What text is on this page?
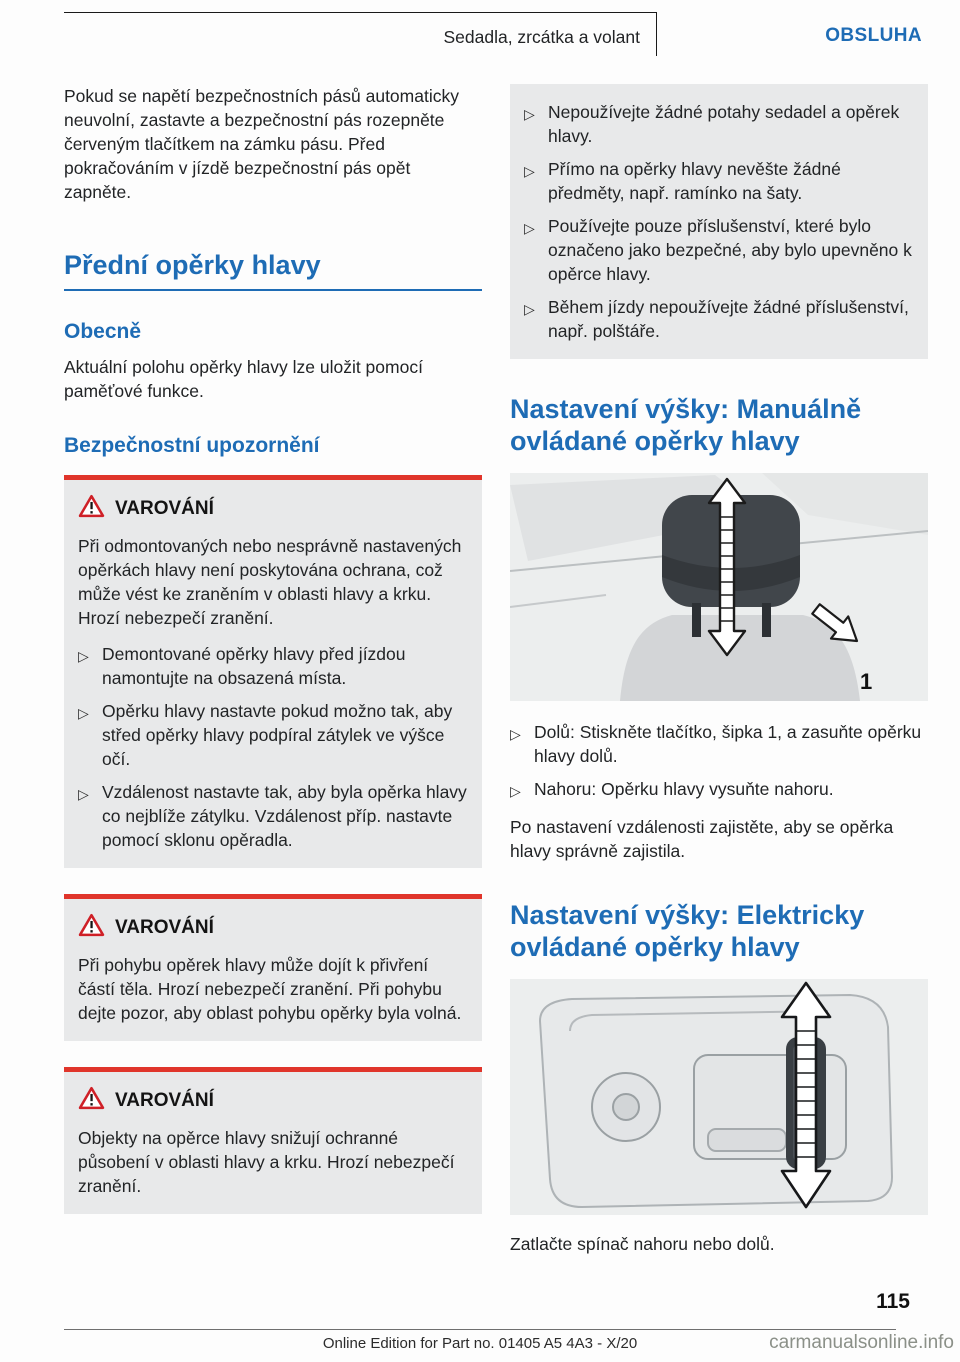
Sedadla, zrcátka a volant	OBSLUHA

Pokud se napětí bezpečnostních pásů automaticky neuvolní, zastavte a bezpečnostní pás rozepněte červeným tlačítkem na zámku pásu. Před pokračováním v jízdě bezpečnostní pás opět zapněte.

Přední opěrky hlavy
Obecně

Aktuální polohu opěrky hlavy lze uložit pomocí paměťové funkce.

Bezpečnostní upozornění
VAROVÁNÍ
Při odmontovaných nebo nesprávně nastavených opěrkách hlavy není poskytována ochrana, což může vést ke zraněním v oblasti hlavy a krku. Hrozí nebezpečí zranění.
▷ Demontované opěrky hlavy před jízdou namontujte na obsazená místa.
▷ Opěrku hlavy nastavte pokud možno tak, aby střed opěrky hlavy podpíral zátylek ve výšce očí.
▷ Vzdálenost nastavte tak, aby byla opěrka hlavy co nejblíže zátylku. Vzdálenost příp. nastavte pomocí sklonu opěradla.
VAROVÁNÍ
Při pohybu opěrek hlavy může dojít k přivření částí těla. Hrozí nebezpečí zranění. Při pohybu dejte pozor, aby oblast pohybu opěrky byla volná.
VAROVÁNÍ
Objekty na opěrce hlavy snižují ochranné působení v oblasti hlavy a krku. Hrozí nebezpečí zranění.
▷ Nepoužívejte žádné potahy sedadel a opěrek hlavy.
▷ Přímo na opěrky hlavy nevěšte žádné předměty, např. ramínko na šaty.
▷ Používejte pouze příslušenství, které bylo označeno jako bezpečné, aby bylo upevněno k opěrce hlavy.
▷ Během jízdy nepoužívejte žádné příslušenství, např. polštáře.
Nastavení výšky: Manuálně ovládané opěrky hlavy
1
▷ Dolů: Stiskněte tlačítko, šipka 1, a zasuňte opěrku hlavy dolů.
▷ Nahoru: Opěrku hlavy vysuňte nahoru.

Po nastavení vzdálenosti zajistěte, aby se opěrka hlavy správně zajistila.

Nastavení výšky: Elektricky ovládané opěrky hlavy

Zatlačte spínač nahoru nebo dolů.

115
Online Edition for Part no. 01405 A5 4A3 - X/20	carmanualsonline.info
